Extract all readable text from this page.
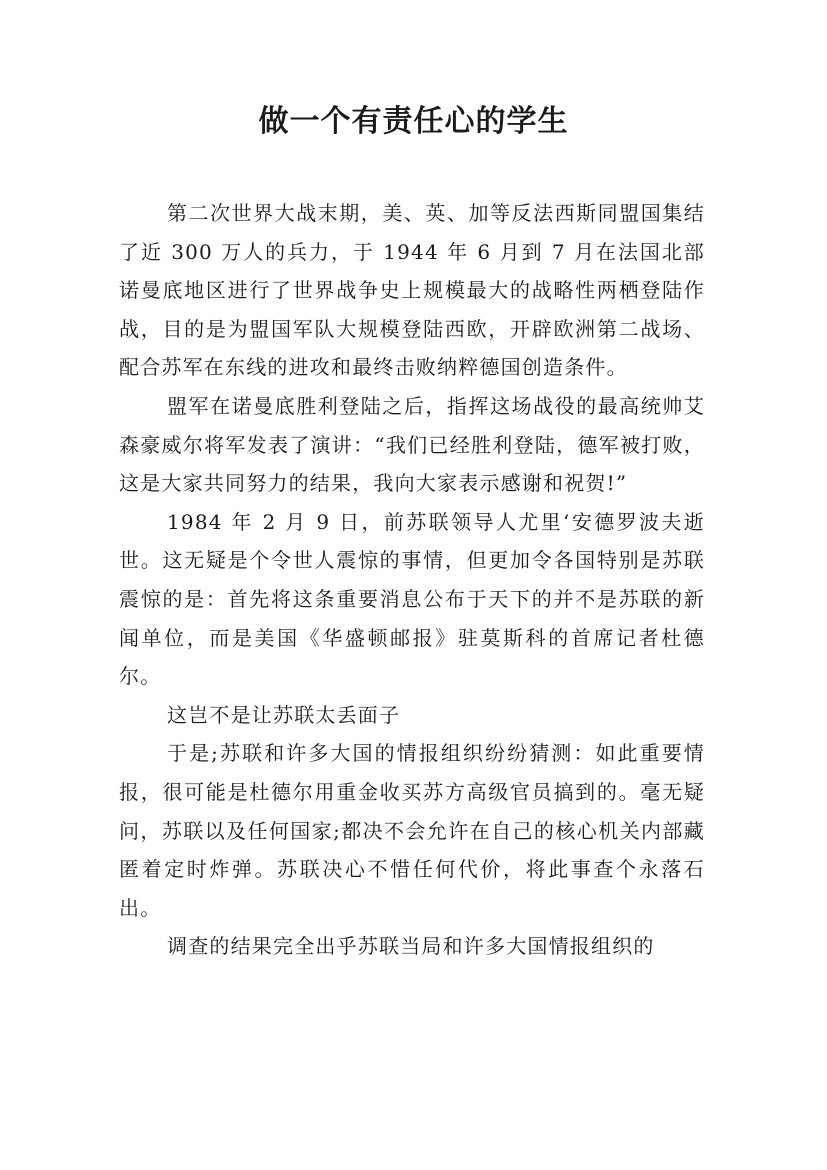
做一个有责任心的学生

第二次世界大战末期，美、英、加等反法西斯同盟国集结了近 300 万人的兵力，于 1944 年 6 月到 7 月在法国北部诺曼底地区进行了世界战争史上规模最大的战略性两栖登陆作战，目的是为盟国军队大规模登陆西欧，开辟欧洲第二战场、 配合苏军在东线的进攻和最终击败纳粹德国创造条件。

盟军在诺曼底胜利登陆之后，指挥这场战役的最高统帅艾森豪威尔将军发表了演讲：“我们已经胜利登陆，德军被打败，这是大家共同努力的结果，我向大家表示感谢和祝贺!”

1984 年 2 月 9 日，前苏联领导人尤里‘安德罗波夫逝世。这无疑是个令世人震惊的事情，但更加令各国特别是苏联震惊的是：首先将这条重要消息公布于天下的并不是苏联的新闻单位，而是美国《华盛顿邮报》驻莫斯科的首席记者杜德尔。

这岂不是让苏联太丢面子

于是;苏联和许多大国的情报组织纷纷猜测：如此重要情报，很可能是杜德尔用重金收买苏方高级官员搞到的。毫无疑问，苏联以及任何国家;都决不会允许在自己的核心机关内部藏匿着定时炸弹。苏联决心不惜任何代价，将此事查个永落石出。

调查的结果完全出乎苏联当局和许多大国情报组织的
